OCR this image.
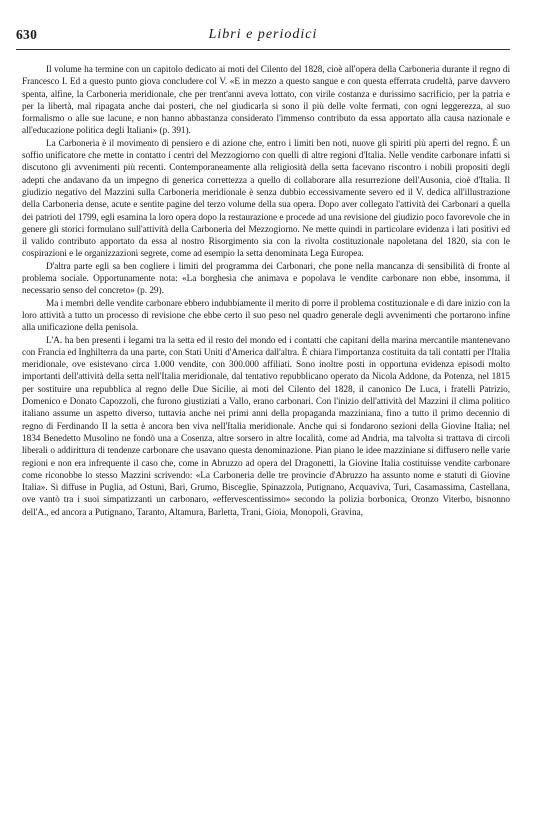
630	Libri e periodici

Il volume ha termine con un capitolo dedicato ai moti del Cilento del 1828, cioè all'opera della Carboneria durante il regno di Francesco I. Ed a questo punto giova concludere col V. «E in mezzo a questo sangue e con questa efferrata crudeltà, parve davvero spenta, alfine, la Carboneria meridionale, che per trent'anni aveva lottato, con virile costanza e durissimo sacrificio, per la patria e per la libertà, mal ripagata anche dai posteri, che nel giudicarla si sono il più delle volte fermati, con ogni leggerezza, al suo formalismo o alle sue lacune, e non hanno abbastanza considerato l'immenso contributo da essa apportato alla causa nazionale e all'educazione politica degli Italiani» (p. 391).

La Carboneria è il movimento di pensiero e di azione che, entro i limiti ben noti, nuove gli spiriti più aperti del regno. È un soffio unificatore che mette in contatto i centri del Mezzogiorno con quelli di altre regioni d'Italia. Nelle vendite carbonare infatti si discutono gli avvenimenti più recenti. Contemporaneamente alla religiosità della setta facevano riscontro i nobili propositi degli adepti che andavano da un impegno di generica correttezza a quello di collaborare alla resurrezione dell'Ausonia, cioè d'Italia. Il giudizio negativo del Mazzini sulla Carboneria meridionale è senza dubbio eccessivamente severo ed il V. dedica all'illustrazione della Carboneria dense, acute e sentite pagine del terzo volume della sua opera. Dopo aver collegato l'attività dei Carbonari a quella dei patrioti del 1799, egli esamina la loro opera dopo la restaurazione e procede ad una revisione del giudizio poco favorevole che in genere gli storici formulano sull'attività della Carboneria del Mezzogiorno. Ne mette quindi in particolare evidenza i lati positivi ed il valido contributo apportato da essa al nostro Risorgimento sia con la rivolta costituzionale napoletana del 1820, sia con le cospirazioni e le organizzazioni segrete, come ad esempio la setta denominata Lega Europea.

D'altra parte egli sa ben cogliere i limiti del programma dei Carbonari, che pone nella mancanza di sensibilità di fronte al problema sociale. Opportunamente nota: «La borghesia che animava e popolava le vendite carbonare non ebbe, insomma, il necessario senso del concreto» (p. 29).

Ma i membri delle vendite carbonare ebbero indubbiamente il merito di porre il problema costituzionale e di dare inizio con la loro attività a tutto un processo di revisione che ebbe certo il suo peso nel quadro generale degli avvenimenti che portarono infine alla unificazione della penisola.

L'A. ha ben presenti i legami tra la setta ed il resto del mondo ed i contatti che capitani della marina mercantile mantenevano con Francia ed Inghilterra da una parte, con Stati Uniti d'America dall'altra. È chiara l'importanza costituita da tali contatti per l'Italia meridionale, ove esistevano circa 1.000 vendite, con 300.000 affiliati. Sono inoltre posti in opportuna evidenza episodi molto importanti dell'attività della setta nell'Italia meridionale, dal tentativo repubblicano operato da Nicola Addone, da Potenza, nel 1815 per sostituire una repubblica al regno delle Due Sicilie, ai moti del Cilento del 1828, il canonico De Luca, i fratelli Patrizio, Domenico e Donato Capozzoli, che furono giustiziati a Vallo, erano carbonari. Con l'inizio dell'attività del Mazzini il clima politico italiano assume un aspetto diverso, tuttavia anche nei primi anni della propaganda mazziniana, fino a tutto il primo decennio di regno di Ferdinando II la setta è ancora ben viva nell'Italia meridionale. Anche qui si fondarono sezioni della Giovine Italia; nel 1834 Benedetto Musolino ne fondò una a Cosenza, altre sorsero in altre località, come ad Andria, ma talvolta si trattava di circoli liberali o addirittura di tendenze carbonare che usavano questa denominazione. Pian piano le idee mazziniane si diffusero nelle varie regioni e non era infrequente il caso che, come in Abruzzo ad opera del Dragonetti, la Giovine Italia costituisse vendite carbonare come riconobbe lo stesso Mazzini scrivendo: «La Carboneria delle tre provincie d'Abruzzo ha assunto nome e statuti di Giovine Italia». Si diffuse in Puglia, ad Ostuni, Bari, Grumo, Bisceglie, Spinazzola, Putignano, Acquaviva, Turi, Casamassima, Castellana, ove vantò tra i suoi simpatizzanti un carbonaro, «effervescentissimo» secondo la polizia borbonica, Oronzo Viterbo, bisnonno dell'A., ed ancora a Putignano, Taranto, Altamura, Barletta, Trani, Gioia, Monopoli, Gravina,
